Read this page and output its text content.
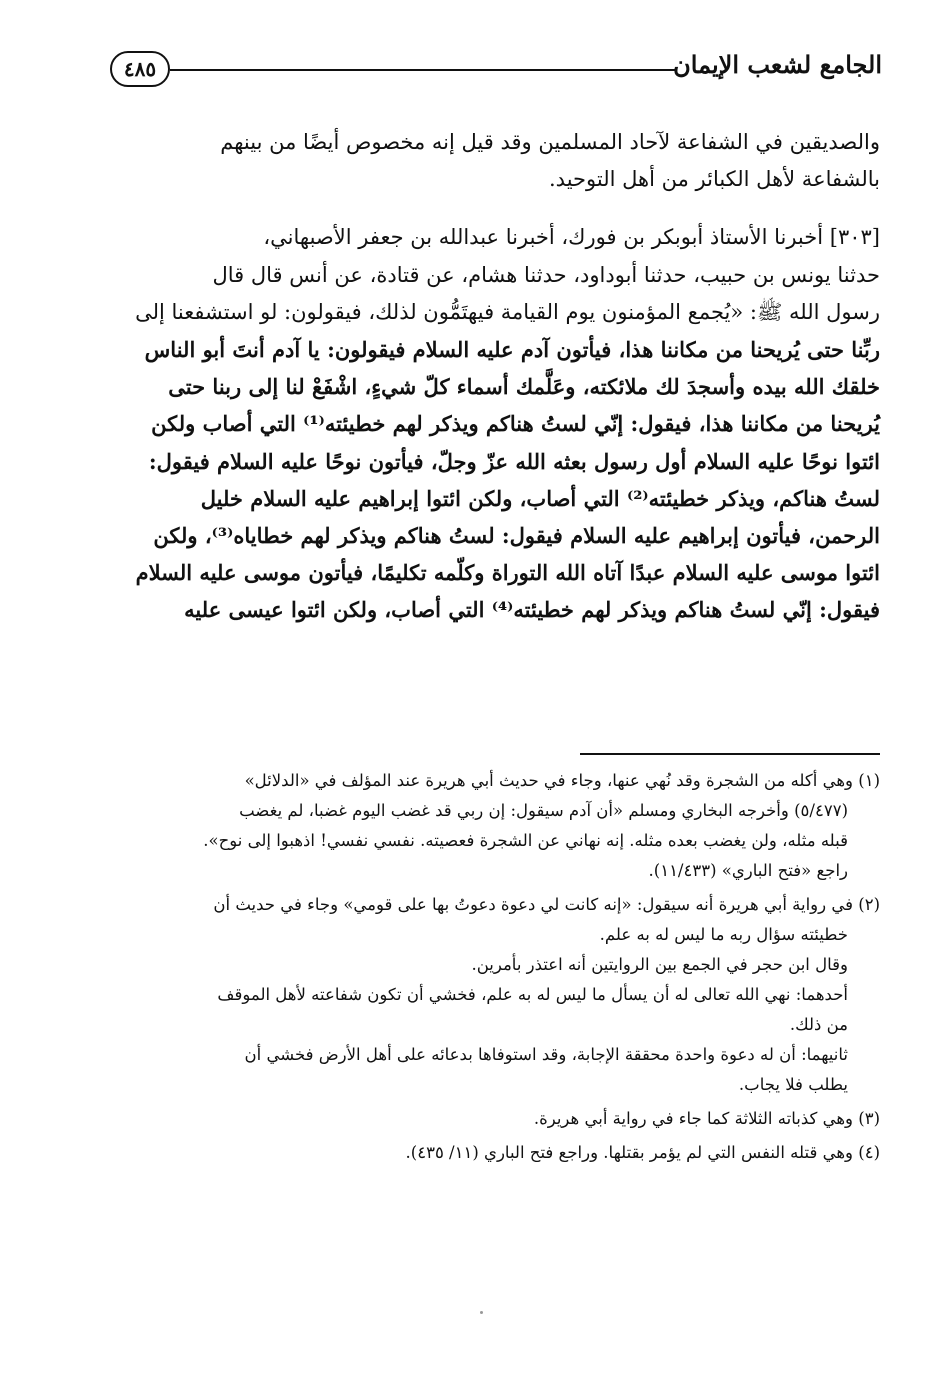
٤٨٥	الجامع لشعب الإيمان

والصديقين في الشفاعة لآحاد المسلمين وقد قيل إنه مخصوص أيضًا من بينهم

بالشفاعة لأهل الكبائر من أهل التوحيد.

[٣٠٣] أخبرنا الأستاذ أبوبكر بن فورك، أخبرنا عبدالله بن جعفر الأصبهاني،

حدثنا يونس بن حبيب، حدثنا أبوداود، حدثنا هشام، عن قتادة، عن أنس قال قال

رسول الله ﷺ: «يُجمع المؤمنون يوم القيامة فيهتَمُّون لذلك، فيقولون: لو استشفعنا إلى

ربِّنا حتى يُريحنا من مكاننا هذا، فيأتون آدم عليه السلام فيقولون: يا آدم أنتَ أبو الناس

خلقك الله بيده وأسجدَ لك ملائكته، وعَلَّمك أسماء كلّ شيءٍ، اشْفَعْ لنا إلى ربنا حتى

يُريحنا من مكاننا هذا، فيقول: إنّي لستُ هناكم ويذكر لهم خطيئته⁽¹⁾ التي أصاب ولكن

ائتوا نوحًا عليه السلام أول رسول بعثه الله عزّ وجلّ، فيأتون نوحًا عليه السلام فيقول:

لستُ هناكم، ويذكر خطيئته⁽²⁾ التي أصاب، ولكن ائتوا إبراهيم عليه السلام خليل

الرحمن، فيأتون إبراهيم عليه السلام فيقول: لستُ هناكم ويذكر لهم خطاياه⁽³⁾، ولكن

ائتوا موسى عليه السلام عبدًا آتاه الله التوراة وكلّمه تكليمًا، فيأتون موسى عليه السلام

فيقول: إنّي لستُ هناكم ويذكر لهم خطيئته⁽⁴⁾ التي أصاب، ولكن ائتوا عيسى عليه

(١) وهي أكله من الشجرة وقد نُهي عنها، وجاء في حديث أبي هريرة عند المؤلف في «الدلائل»
(٥/٤٧٧) وأخرجه البخاري ومسلم «أن آدم سيقول: إن ربي قد غضب اليوم غضبا، لم يغضب
قبله مثله، ولن يغضب بعده مثله. إنه نهاني عن الشجرة فعصيته. نفسي نفسي! اذهبوا إلى نوح».
راجع «فتح الباري» (١١/٤٣٣).
(٢) في رواية أبي هريرة أنه سيقول: «إنه كانت لي دعوة دعوتُ بها على قومي» وجاء في حديث أن
خطيئته سؤال ربه ما ليس له به علم.
وقال ابن حجر في الجمع بين الروايتين أنه اعتذر بأمرين.
أحدهما: نهي الله تعالى له أن يسأل ما ليس له به علم، فخشي أن تكون شفاعته لأهل الموقف
من ذلك.
ثانيهما: أن له دعوة واحدة محققة الإجابة، وقد استوفاها بدعائه على أهل الأرض فخشي أن
يطلب فلا يجاب.
(٣) وهي كذباته الثلاثة كما جاء في رواية أبي هريرة.
(٤) وهي قتله النفس التي لم يؤمر بقتلها. وراجع فتح الباري (١١/ ٤٣٥).
